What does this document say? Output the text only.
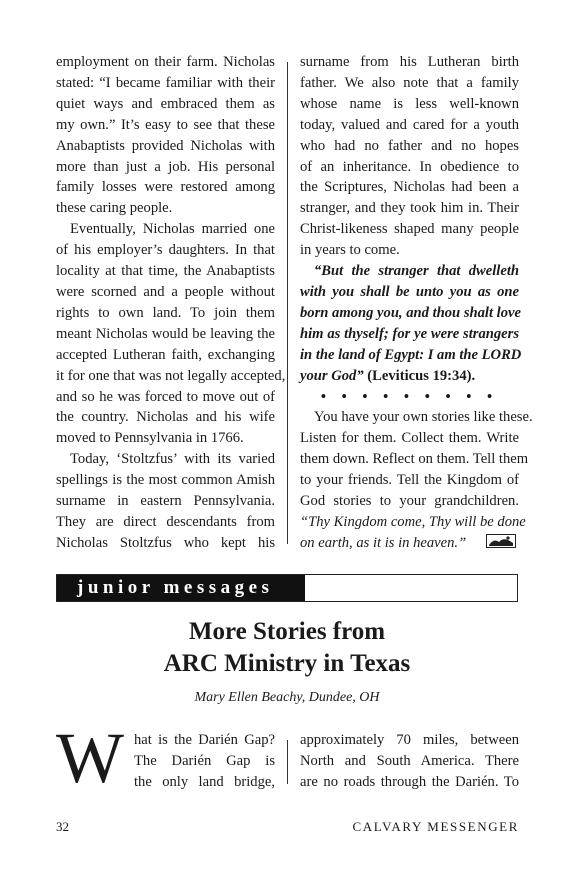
employment on their farm. Nicholas

stated: “I became familiar with their

quiet ways and embraced them as

my own.” It’s easy to see that these

Anabaptists provided Nicholas with

more than just a job. His personal

family losses were restored among

these caring people.

Eventually, Nicholas married one

of his employer’s daughters. In that

locality at that time, the Anabaptists

were scorned and a people without

rights to own land. To join them

meant Nicholas would be leaving the

accepted Lutheran faith, exchanging

it for one that was not legally accepted,

and so he was forced to move out of

the country. Nicholas and his wife

moved to Pennsylvania in 1766.

Today, ‘Stoltzfus’ with its varied

spellings is the most common Amish

surname in eastern Pennsylvania.

They are direct descendants from

Nicholas Stoltzfus who kept his

surname from his Lutheran birth

father. We also note that a family

whose name is less well-known

today, valued and cared for a youth

who had no father and no hopes

of an inheritance. In obedience to

the Scriptures, Nicholas had been a

stranger, and they took him in. Their

Christ-likeness shaped many people

in years to come.

“But the stranger that dwelleth

with you shall be unto you as one

born among you, and thou shalt love

him as thyself; for ye were strangers

in the land of Egypt: I am the LORD

your God” (Leviticus 19:34).

• • • • • • • • •

You have your own stories like these.

Listen for them. Collect them. Write

them down. Reflect on them. Tell them

to your friends. Tell the Kingdom of

God stories to your grandchildren.

“Thy Kingdom come, Thy will be done

on earth, as it is in heaven.”

junior messages
More Stories from
ARC Ministry in Texas
Mary Ellen Beachy, Dundee, OH
W hat is the Darién Gap?

The Darién Gap is

the only land bridge,

approximately 70 miles, between

North and South America. There

are no roads through the Darién. To

32	CALVARY MESSENGER
